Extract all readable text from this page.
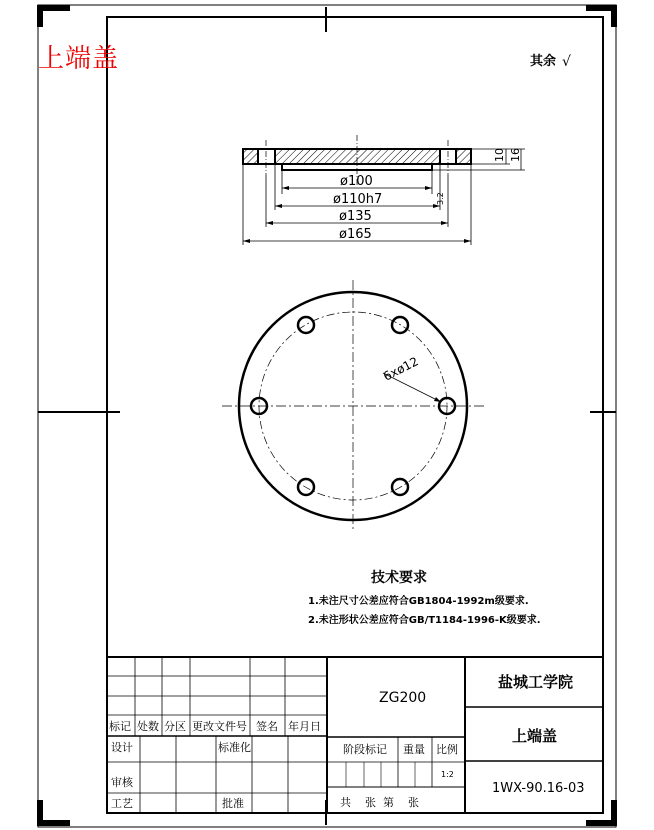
其余 √
10 16
ø100
ø110h7
ø135
ø165
3.2
6xø12
技术要求
1.未注尺寸公差应符合GB1804-1992m级要求.
2.未注形状公差应符合GB/T1184-1996-K级要求.
标记 处数 分区 更改文件号 签名 年月日
设计	标准化
审核
工艺	批准
阶段标记 重量 比例
1:2
共    张  第    张
ZG200
盐城工学院
上端盖
1WX-90.16-03
上端盖
